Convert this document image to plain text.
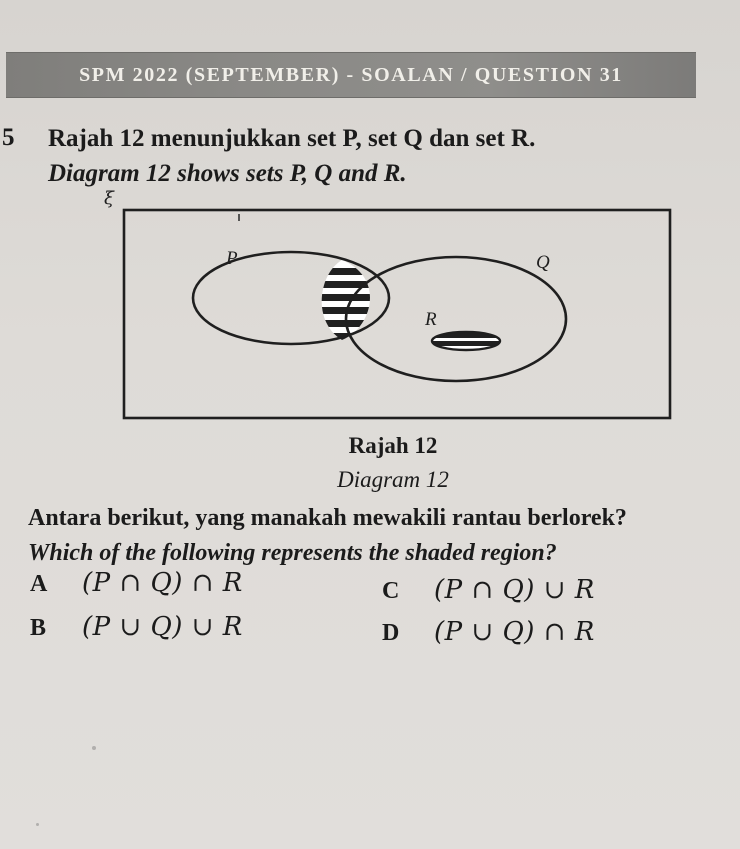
SPM 2022 (SEPTEMBER) - SOALAN / QUESTION 31
5 Rajah 12 menunjukkan set P, set Q dan set R.
Diagram 12 shows sets P, Q and R.
ξ
P	Q
R
Rajah 12
Diagram 12
Antara berikut, yang manakah mewakili rantau berlorek?
Which of the following represents the shaded region?
A	(P ∩ Q) ∩ R
B	(P ∪ Q) ∪ R
C	(P ∩ Q) ∪ R
D	(P ∪ Q) ∩ R
